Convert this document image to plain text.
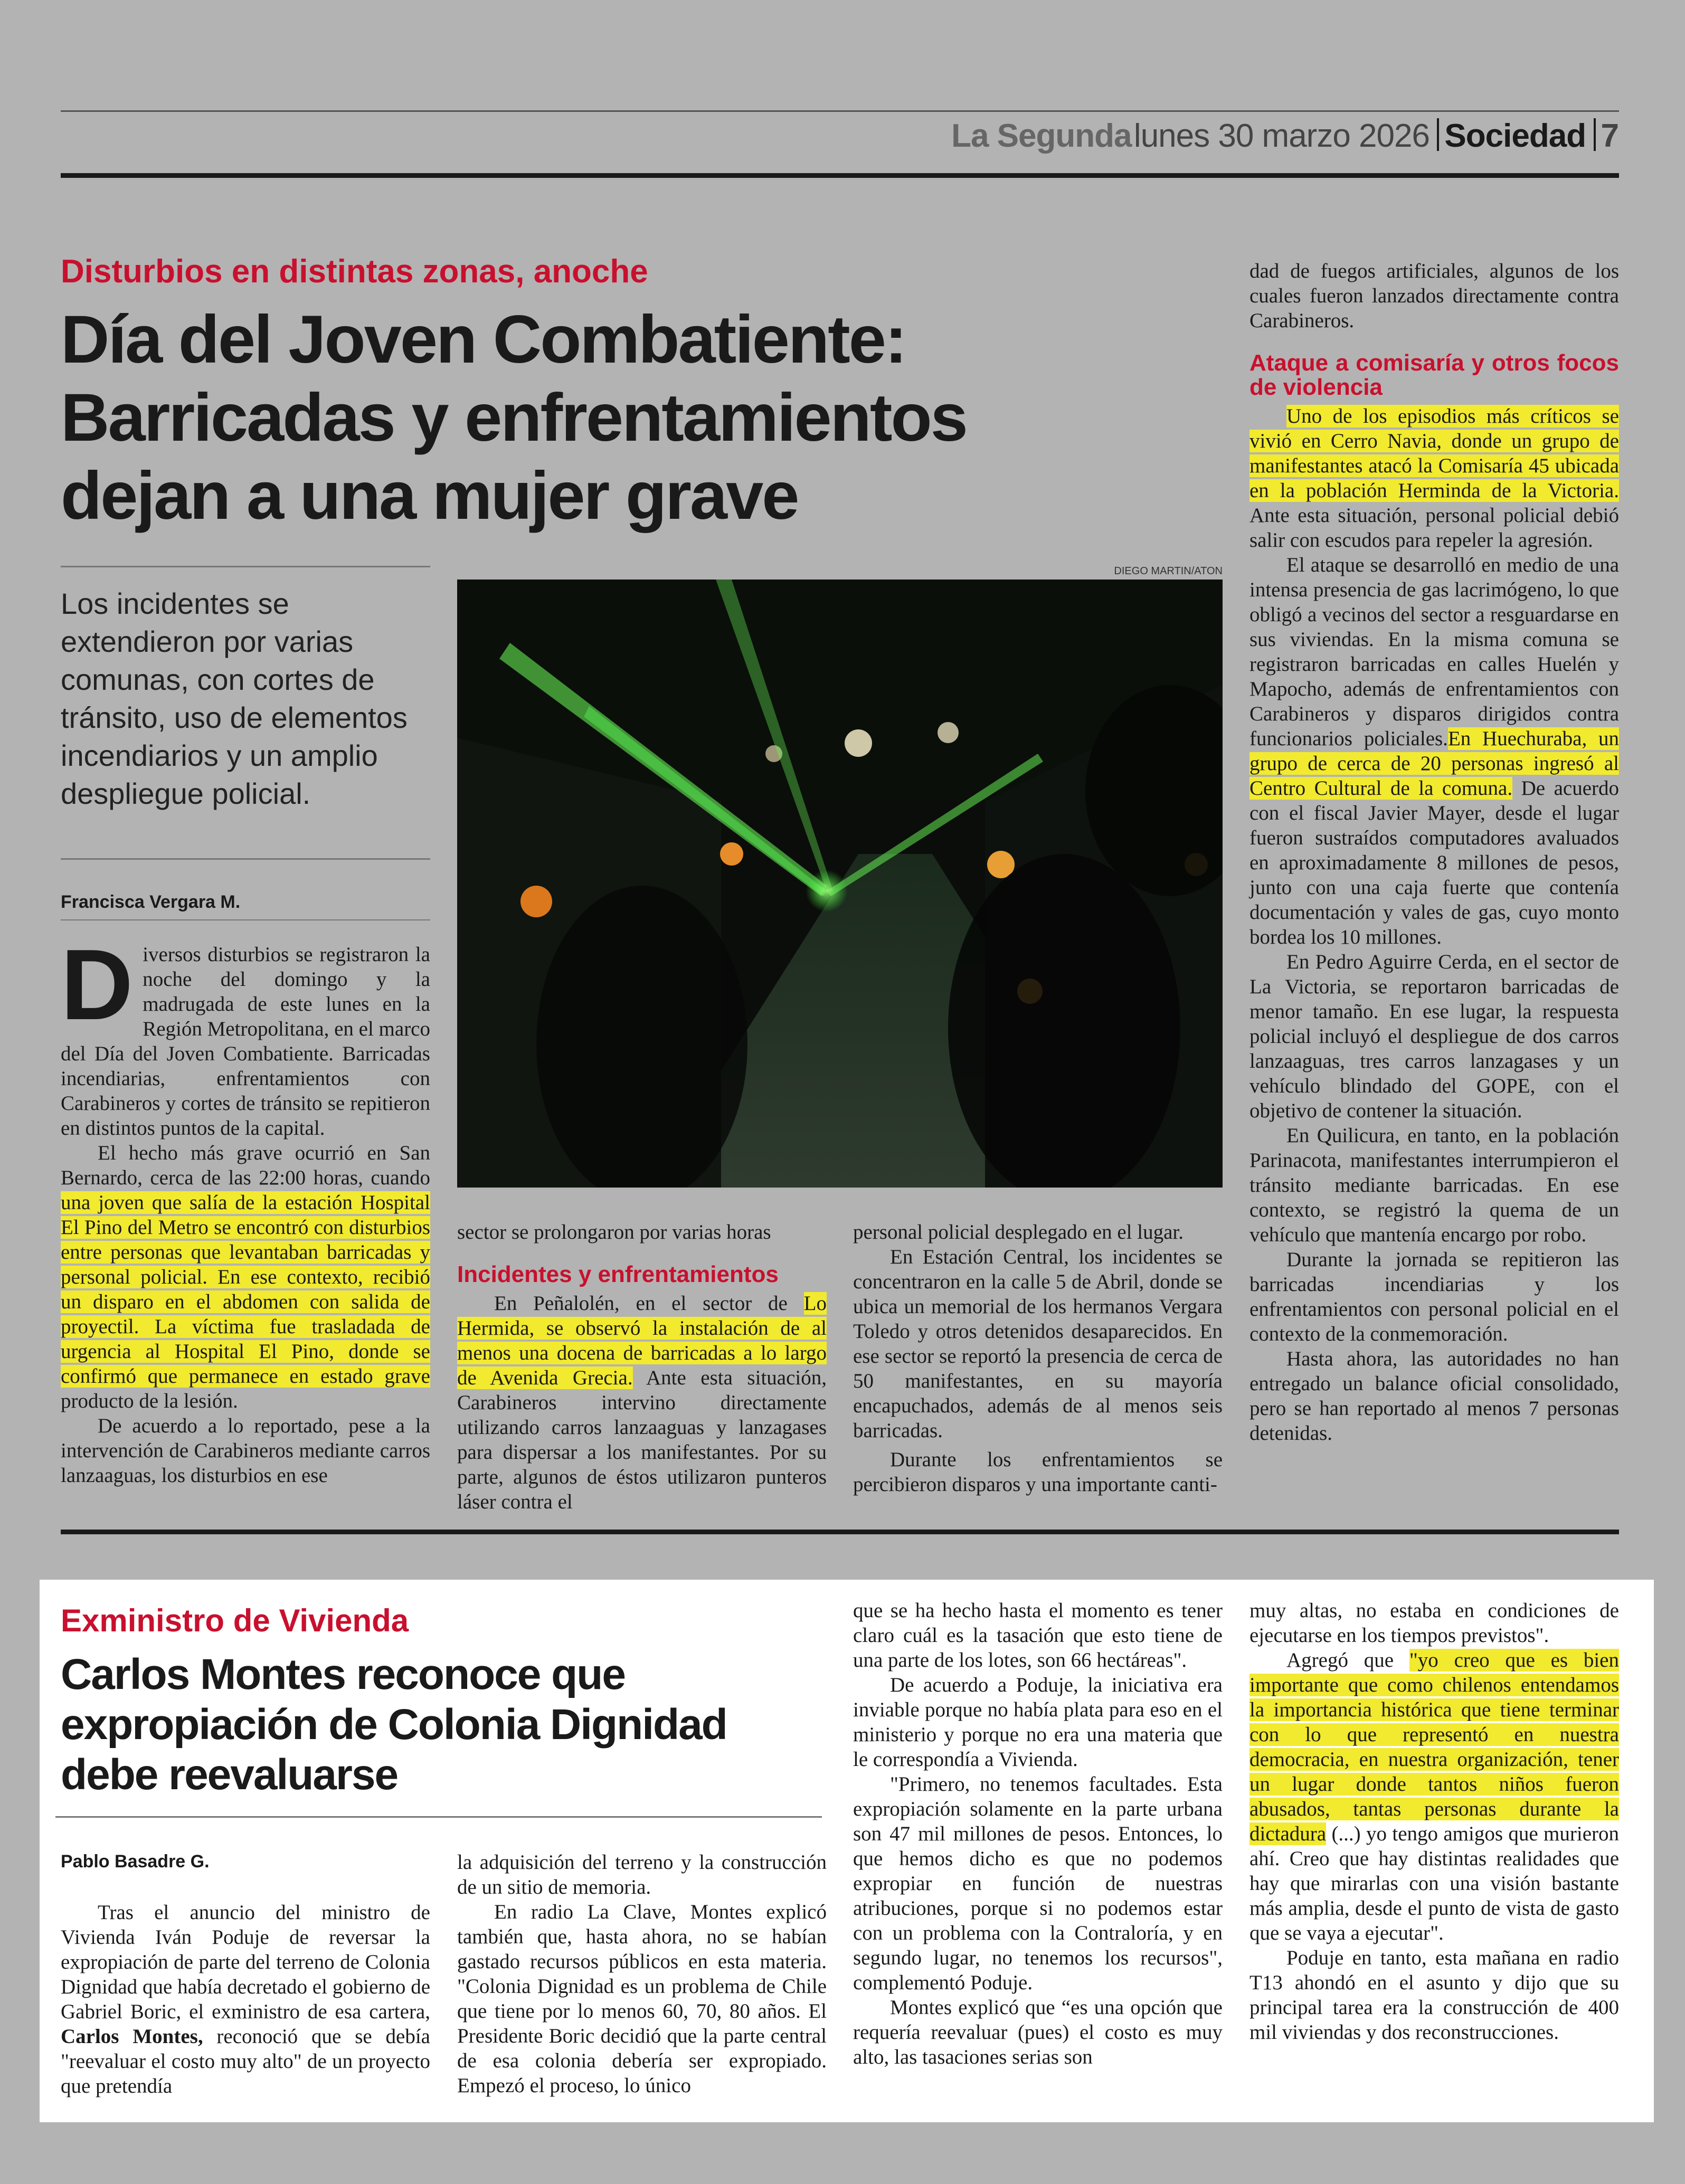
La Segunda lunes 30 marzo 2026 Sociedad 7
Disturbios en distintas zonas, anoche
Día del Joven Combatiente: Barricadas y enfrentamientos dejan a una mujer grave
Los incidentes se extendieron por varias comunas, con cortes de tránsito, uso de elementos incendiarios y un amplio despliegue policial.
Francisca Vergara M.
DIEGO MARTIN/ATON

Diversos disturbios se registraron la noche del domingo y la madrugada de este lunes en la Región Metropolitana, en el marco del Día del Joven Combatiente. Barricadas incendiarias, enfrentamientos con Carabineros y cortes de tránsito se repitieron en distintos puntos de la capital.

El hecho más grave ocurrió en San Bernardo, cerca de las 22:00 horas, cuando una joven que salía de la estación Hospital El Pino del Metro se encontró con disturbios entre personas que levantaban barricadas y personal policial. En ese contexto, recibió un disparo en el abdomen con salida de proyectil. La víctima fue trasladada de urgencia al Hospital El Pino, donde se confirmó que permanece en estado grave producto de la lesión.

De acuerdo a lo reportado, pese a la intervención de Carabineros mediante carros lanzaaguas, los disturbios en ese

sector se prolongaron por varias horas

Incidentes y enfrentamientos

En Peñalolén, en el sector de Lo Hermida, se observó la instalación de al menos una docena de barricadas a lo largo de Avenida Grecia. Ante esta situación, Carabineros intervino directamente utilizando carros lanzaaguas y lanzagases para dispersar a los manifestantes. Por su parte, algunos de éstos utilizaron punteros láser contra el

personal policial desplegado en el lugar.

En Estación Central, los incidentes se concentraron en la calle 5 de Abril, donde se ubica un memorial de los hermanos Vergara Toledo y otros detenidos desaparecidos. En ese sector se reportó la presencia de cerca de 50 manifestantes, en su mayoría encapuchados, además de al menos seis barricadas.

Durante los enfrentamientos se percibieron disparos y una importante canti-

dad de fuegos artificiales, algunos de los cuales fueron lanzados directamente contra Carabineros.

Ataque a comisaría y otros focos de violencia

Uno de los episodios más críticos se vivió en Cerro Navia, donde un grupo de manifestantes atacó la Comisaría 45 ubicada en la población Herminda de la Victoria. Ante esta situación, personal policial debió salir con escudos para repeler la agresión.

El ataque se desarrolló en medio de una intensa presencia de gas lacrimógeno, lo que obligó a vecinos del sector a resguardarse en sus viviendas. En la misma comuna se registraron barricadas en calles Huelén y Mapocho, además de enfrentamientos con Carabineros y disparos dirigidos contra funcionarios policiales.En Huechuraba, un grupo de cerca de 20 personas ingresó al Centro Cultural de la comuna. De acuerdo con el fiscal Javier Mayer, desde el lugar fueron sustraídos computadores avaluados en aproximadamente 8 millones de pesos, junto con una caja fuerte que contenía documentación y vales de gas, cuyo monto bordea los 10 millones.

En Pedro Aguirre Cerda, en el sector de La Victoria, se reportaron barricadas de menor tamaño. En ese lugar, la respuesta policial incluyó el despliegue de dos carros lanzaaguas, tres carros lanzagases y un vehículo blindado del GOPE, con el objetivo de contener la situación.

En Quilicura, en tanto, en la población Parinacota, manifestantes interrumpieron el tránsito mediante barricadas. En ese contexto, se registró la quema de un vehículo que mantenía encargo por robo.

Durante la jornada se repitieron las barricadas incendiarias y los enfrentamientos con personal policial en el contexto de la conmemoración.

Hasta ahora, las autoridades no han entregado un balance oficial consolidado, pero se han reportado al menos 7 personas detenidas.

Exministro de Vivienda
Carlos Montes reconoce que expropiación de Colonia Dignidad debe reevaluarse
Pablo Basadre G.

Tras el anuncio del ministro de Vivienda Iván Poduje de reversar la expropiación de parte del terreno de Colonia Dignidad que había decretado el gobierno de Gabriel Boric, el exministro de esa cartera, Carlos Montes, reconoció que se debía "reevaluar el costo muy alto" de un proyecto que pretendía

la adquisición del terreno y la construcción de un sitio de memoria.

En radio La Clave, Montes explicó también que, hasta ahora, no se habían gastado recursos públicos en esta materia. "Colonia Dignidad es un problema de Chile que tiene por lo menos 60, 70, 80 años. El Presidente Boric decidió que la parte central de esa colonia debería ser expropiado. Empezó el proceso, lo único

que se ha hecho hasta el momento es tener claro cuál es la tasación que esto tiene de una parte de los lotes, son 66 hectáreas".

De acuerdo a Poduje, la iniciativa era inviable porque no había plata para eso en el ministerio y porque no era una materia que le correspondía a Vivienda.

"Primero, no tenemos facultades. Esta expropiación solamente en la parte urbana son 47 mil millones de pesos. Entonces, lo que hemos dicho es que no podemos expropiar en función de nuestras atribuciones, porque si no podemos estar con un problema con la Contraloría, y en segundo lugar, no tenemos los recursos", complementó Poduje.

Montes explicó que “es una opción que requería reevaluar (pues) el costo es muy alto, las tasaciones serias son

muy altas, no estaba en condiciones de ejecutarse en los tiempos previstos".

Agregó que "yo creo que es bien importante que como chilenos entendamos la importancia histórica que tiene terminar con lo que representó en nuestra democracia, en nuestra organización, tener un lugar donde tantos niños fueron abusados, tantas personas durante la dictadura (...) yo tengo amigos que murieron ahí. Creo que hay distintas realidades que hay que mirarlas con una visión bastante más amplia, desde el punto de vista de gasto que se vaya a ejecutar".

Poduje en tanto, esta mañana en radio T13 ahondó en el asunto y dijo que su principal tarea era la construcción de 400 mil viviendas y dos reconstrucciones.
